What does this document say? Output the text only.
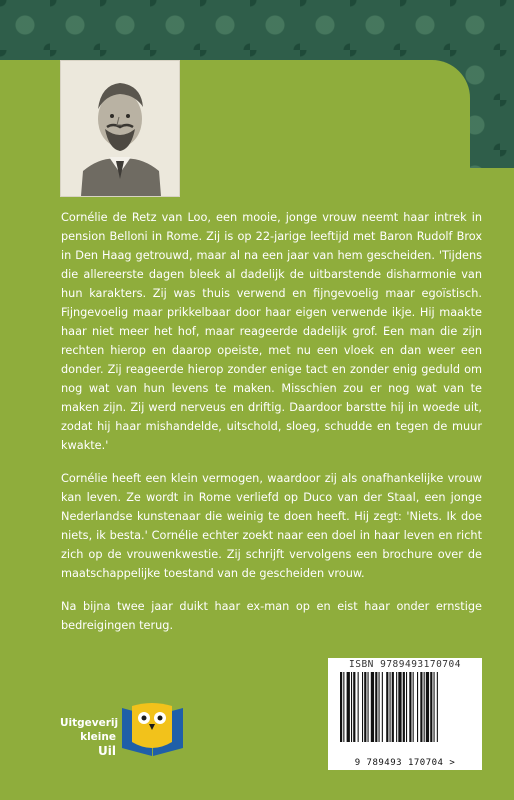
Cornélie de Retz van Loo, een mooie, jonge vrouw neemt haar intrek in pension Belloni in Rome. Zij is op 22-jarige leeftijd met Baron Rudolf Brox in Den Haag getrouwd, maar al na een jaar van hem gescheiden. 'Tijdens die allereerste dagen bleek al dadelijk de uitbarstende disharmonie van hun karakters. Zij was thuis verwend en fijngevoelig maar egoïstisch. Fijngevoelig maar prikkelbaar door haar eigen verwende ikje. Hij maakte haar niet meer het hof, maar reageerde dadelijk grof. Een man die zijn rechten hierop en daarop opeiste, met nu een vloek en dan weer een donder. Zij reageerde hierop zonder enige tact en zonder enig geduld om nog wat van hun levens te maken. Misschien zou er nog wat van te maken zijn. Zij werd nerveus en driftig. Daardoor barstte hij in woede uit, zodat hij haar mishandelde, uitschold, sloeg, schudde en tegen de muur kwakte.'

Cornélie heeft een klein vermogen, waardoor zij als onafhankelijke vrouw kan leven. Ze wordt in Rome verliefd op Duco van der Staal, een jonge Nederlandse kunstenaar die weinig te doen heeft. Hij zegt: 'Niets. Ik doe niets, ik besta.' Cornélie echter zoekt naar een doel in haar leven en richt zich op de vrouwenkwestie. Zij schrijft vervolgens een brochure over de maatschappelijke toestand van de gescheiden vrouw.

Na bijna twee jaar duikt haar ex-man op en eist haar onder ernstige bedreigingen terug.

Uitgeverij
kleine Uil
ISBN 9789493170704
9 789493 170704 >
